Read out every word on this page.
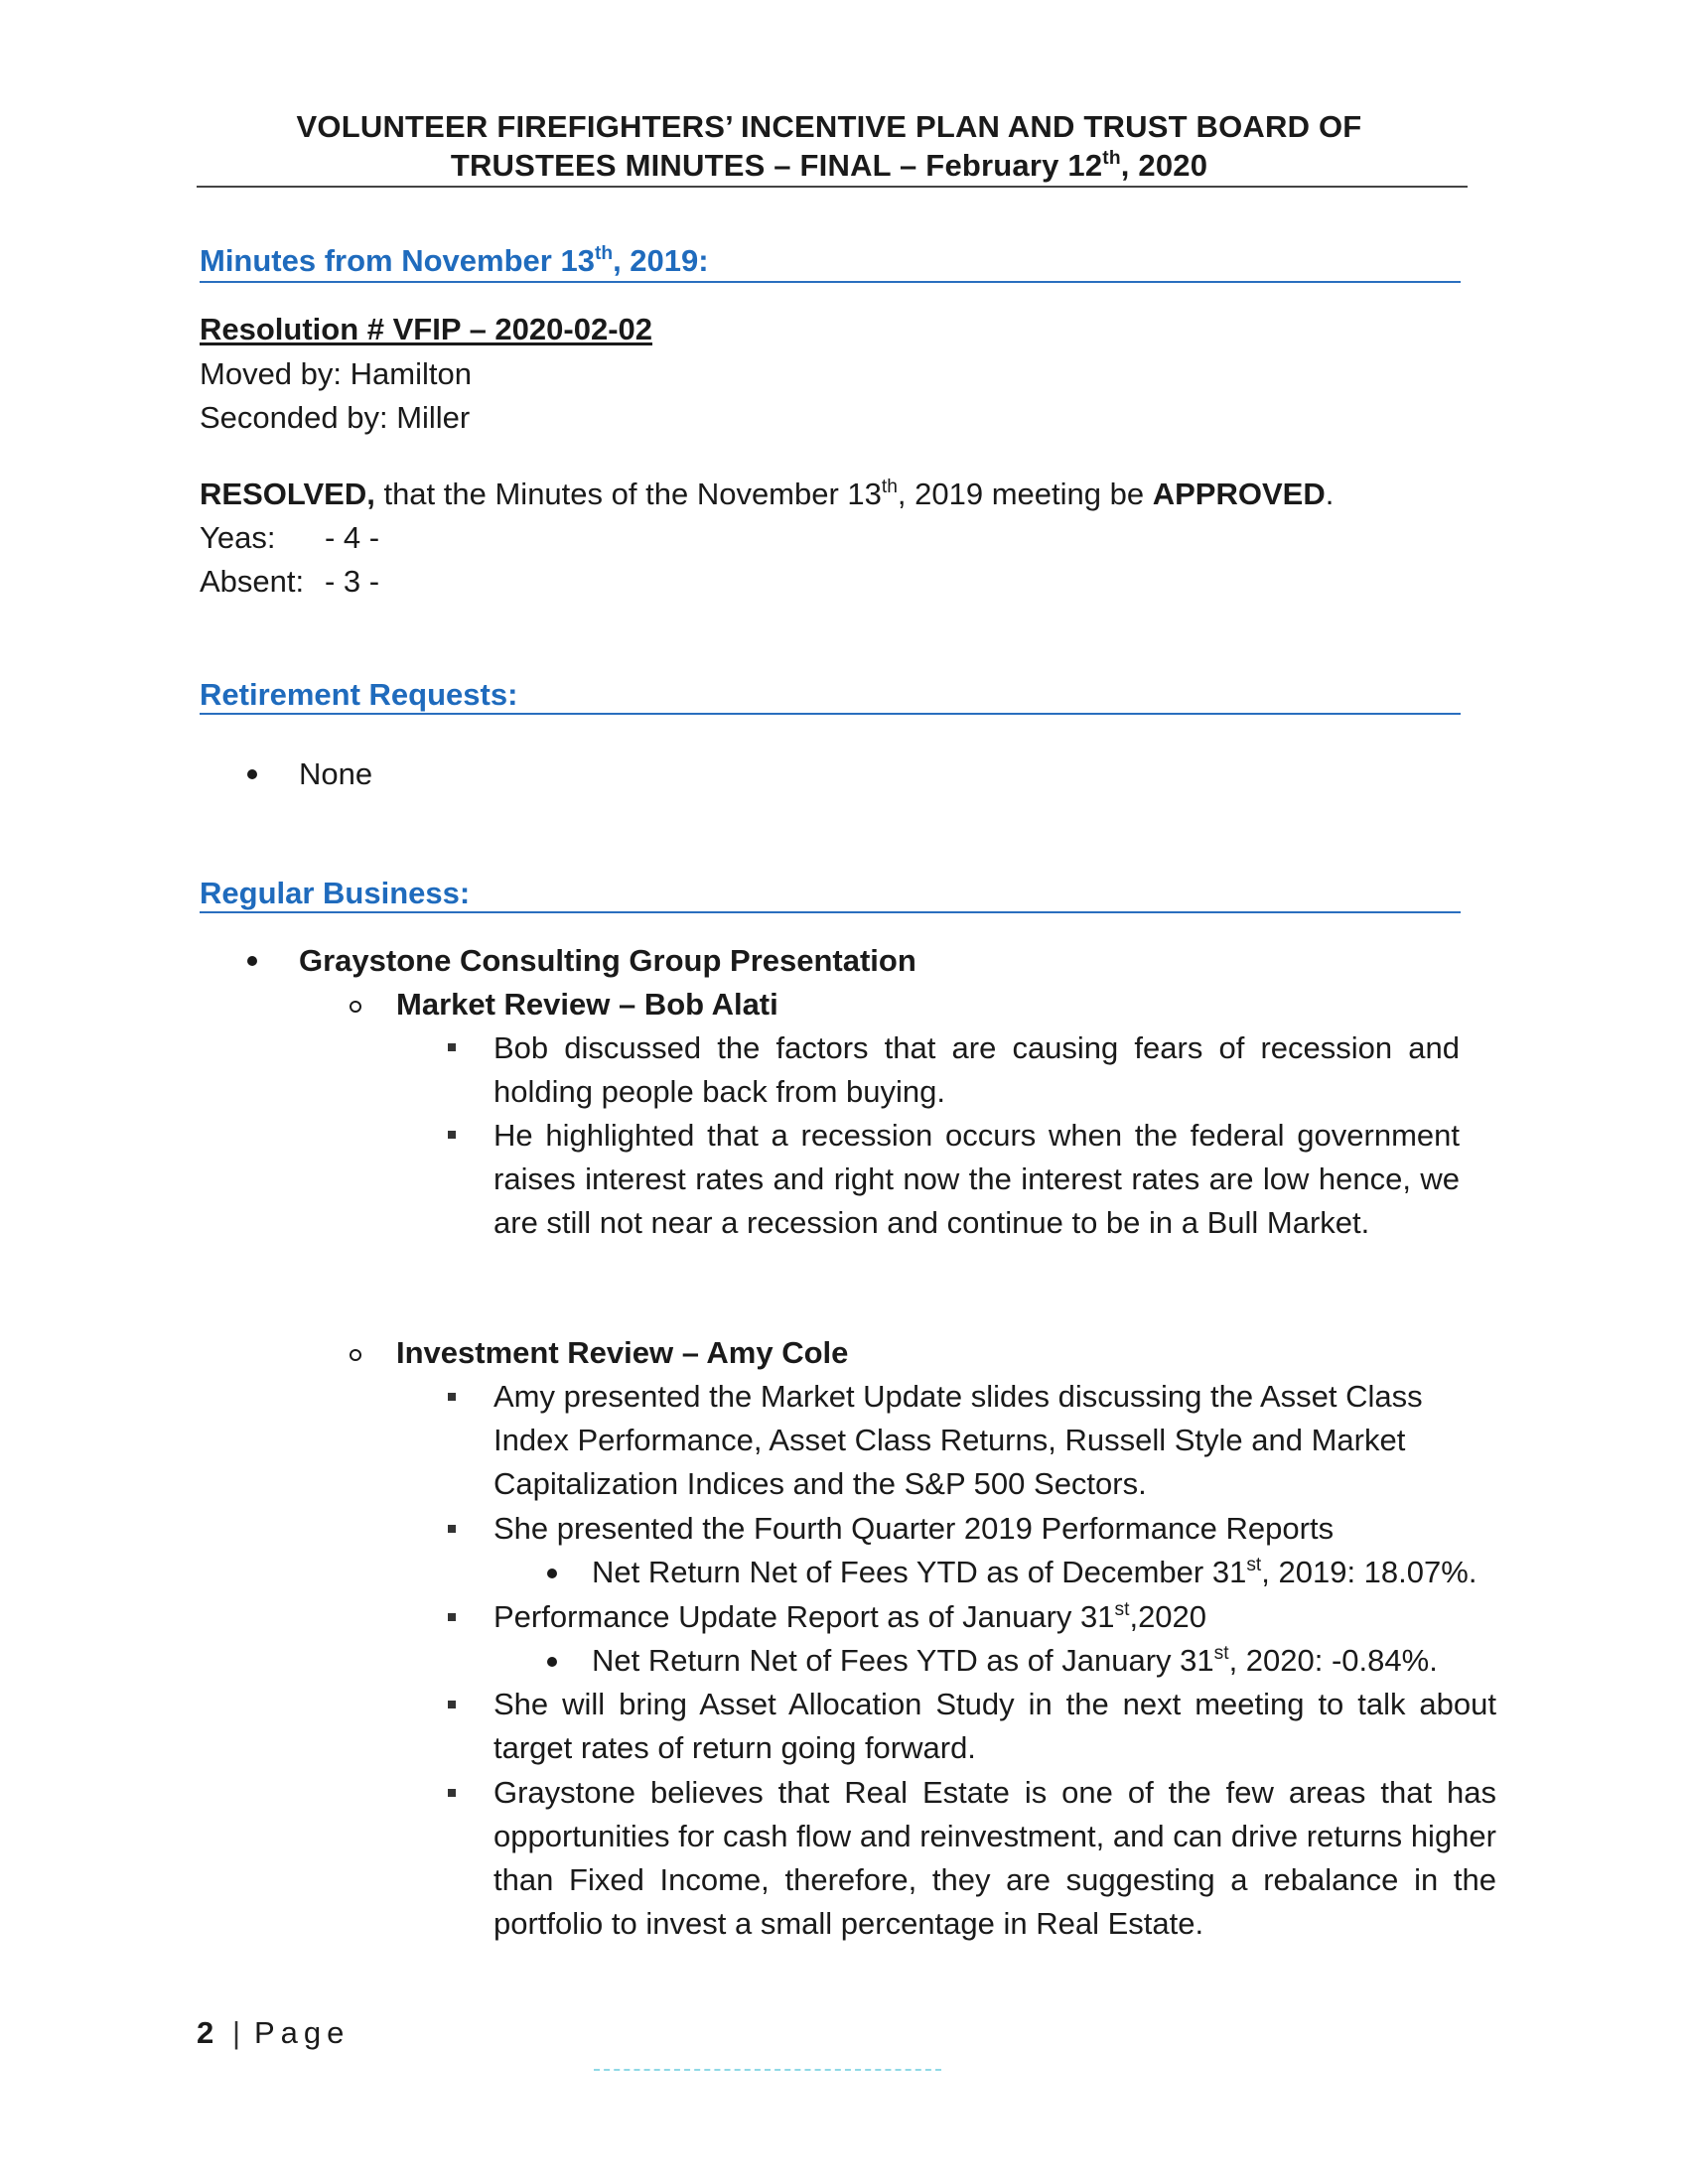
VOLUNTEER FIREFIGHTERS’ INCENTIVE PLAN AND TRUST BOARD OF
TRUSTEES MINUTES – FINAL – February 12th, 2020
Minutes from November 13th, 2019:
Resolution # VFIP – 2020-02-02
Moved by: Hamilton
Seconded by: Miller
RESOLVED, that the Minutes of the November 13th, 2019 meeting be APPROVED.
Yeas: - 4 -
Absent: - 3 -
Retirement Requests:
None
Regular Business:
Graystone Consulting Group Presentation
Market Review – Bob Alati
Bob discussed the factors that are causing fears of recession and holding people back from buying.
He highlighted that a recession occurs when the federal government raises interest rates and right now the interest rates are low hence, we are still not near a recession and continue to be in a Bull Market.
Investment Review – Amy Cole
Amy presented the Market Update slides discussing the Asset Class Index Performance, Asset Class Returns, Russell Style and Market Capitalization Indices and the S&P 500 Sectors.
She presented the Fourth Quarter 2019 Performance Reports
Net Return Net of Fees YTD as of December 31st, 2019: 18.07%.
Performance Update Report as of January 31st,2020
Net Return Net of Fees YTD as of January 31st, 2020: -0.84%.
She will bring Asset Allocation Study in the next meeting to talk about target rates of return going forward.
Graystone believes that Real Estate is one of the few areas that has opportunities for cash flow and reinvestment, and can drive returns higher than Fixed Income, therefore, they are suggesting a rebalance in the portfolio to invest a small percentage in Real Estate.
2 | Page
